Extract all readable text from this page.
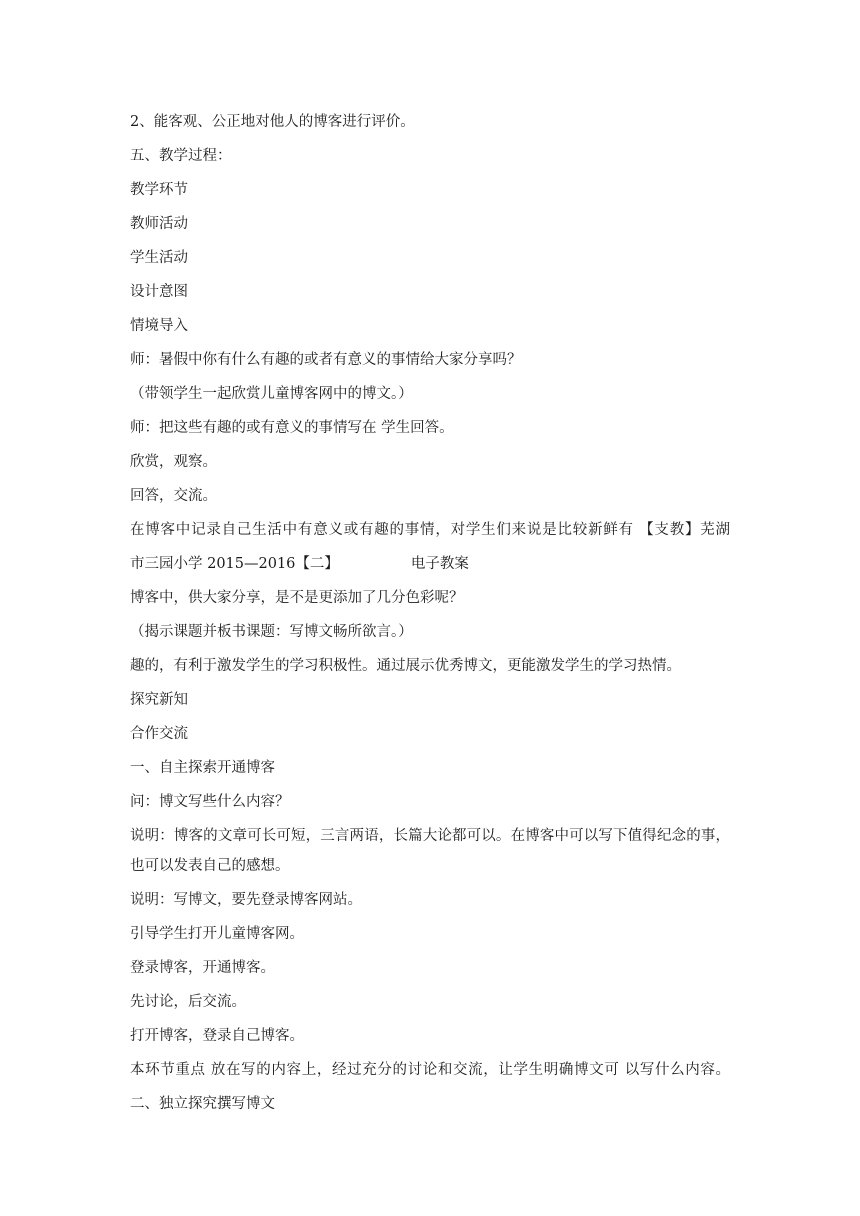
2、能客观、公正地对他人的博客进行评价。
五、教学过程：
教学环节
教师活动
学生活动
设计意图
情境导入
师：暑假中你有什么有趣的或者有意义的事情给大家分享吗？
（带领学生一起欣赏儿童博客网中的博文。）
师：把这些有趣的或有意义的事情写在 学生回答。
欣赏，观察。
回答，交流。
在博客中记录自己生活中有意义或有趣的事情，对学生们来说是比较新鲜有 【支教】芜湖
市三园小学 2015—2016【二】	电子教案
博客中，供大家分享，是不是更添加了几分色彩呢？
（揭示课题并板书课题：写博文畅所欲言。）
趣的，有利于激发学生的学习积极性。通过展示优秀博文，更能激发学生的学习热情。
探究新知
合作交流
一、自主探索开通博客
问：博文写些什么内容？
说明：博客的文章可长可短，三言两语，长篇大论都可以。在博客中可以写下值得纪念的事，
也可以发表自己的感想。
说明：写博文，要先登录博客网站。
引导学生打开儿童博客网。
登录博客，开通博客。
先讨论，后交流。
打开博客，登录自己博客。
本环节重点 放在写的内容上，经过充分的讨论和交流，让学生明确博文可 以写什么内容。
二、独立探究撰写博文
